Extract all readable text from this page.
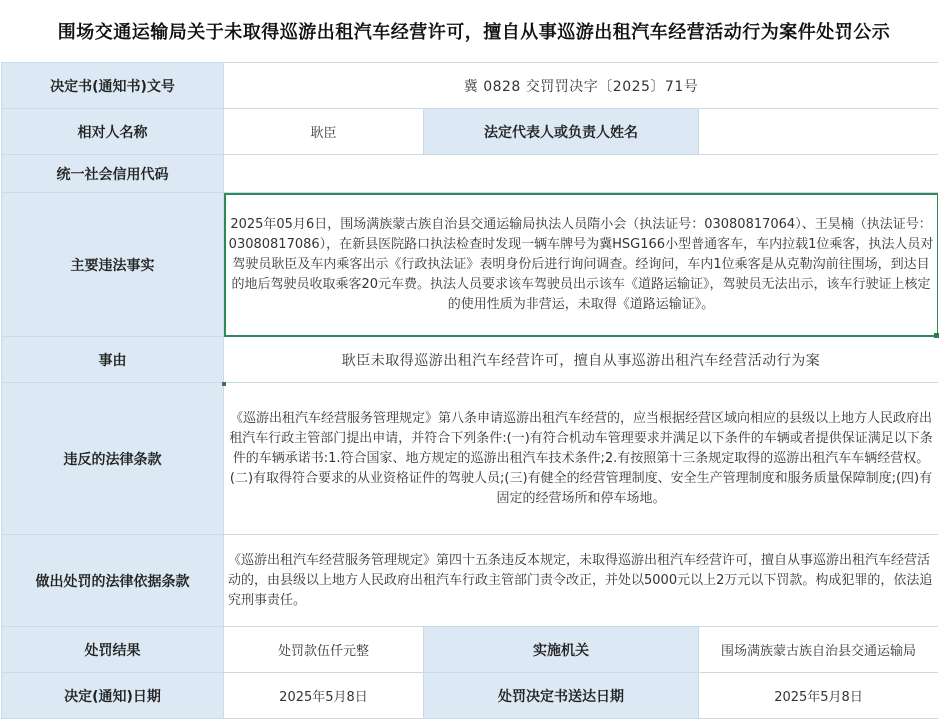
围场交通运输局关于未取得巡游出租汽车经营许可，擅自从事巡游出租汽车经营活动行为案件处罚公示
决定书(通知书)文号	冀 0828 交罚罚决字〔2025〕71号		
相对人名称	耿臣	法定代表人或负责人姓名	
统一社会信用代码			
主要违法事实	2025年05月6日，围场满族蒙古族自治县交通运输局执法人员隋小会（执法证号：03080817064）、王昊楠（执法证号：03080817086），在新县医院路口执法检查时发现一辆车牌号为冀HSG166小型普通客车，车内拉载1位乘客，执法人员对驾驶员耿臣及车内乘客出示《行政执法证》表明身份后进行询问调查。经询问，车内1位乘客是从克勒沟前往围场，到达目的地后驾驶员收取乘客20元车费。执法人员要求该车驾驶员出示该车《道路运输证》，驾驶员无法出示，该车行驶证上核定的使用性质为非营运，未取得《道路运输证》。		
事由	耿臣未取得巡游出租汽车经营许可，擅自从事巡游出租汽车经营活动行为案		
违反的法律条款	《巡游出租汽车经营服务管理规定》第八条申请巡游出租汽车经营的，应当根据经营区域向相应的县级以上地方人民政府出租汽车行政主管部门提出申请，并符合下列条件:(一)有符合机动车管理要求并满足以下条件的车辆或者提供保证满足以下条件的车辆承诺书:1.符合国家、地方规定的巡游出租汽车技术条件;2.有按照第十三条规定取得的巡游出租汽车车辆经营权。(二)有取得符合要求的从业资格证件的驾驶人员;(三)有健全的经营管理制度、安全生产管理制度和服务质量保障制度;(四)有固定的经营场所和停车场地。		
做出处罚的法律依据条款	《巡游出租汽车经营服务管理规定》第四十五条违反本规定，未取得巡游出租汽车经营许可，擅自从事巡游出租汽车经营活动的，由县级以上地方人民政府出租汽车行政主管部门责令改正，并处以5000元以上2万元以下罚款。构成犯罪的，依法追究刑事责任。		
处罚结果	处罚款伍仟元整	实施机关	围场满族蒙古族自治县交通运输局
决定(通知)日期	2025年5月8日	处罚决定书送达日期	2025年5月8日
